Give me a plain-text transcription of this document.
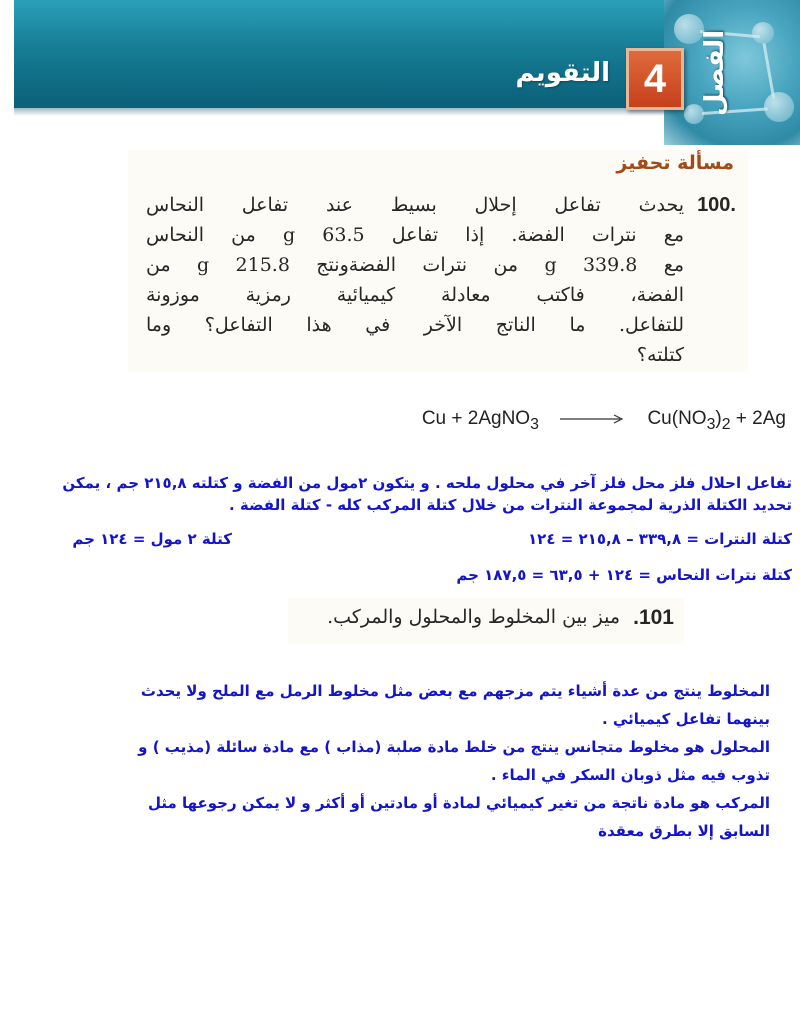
الفصل
4
التقويم
مسألة تحفيز
100.
يحدث تفاعل إحلال بسيط عند تفاعل النحاس
مع نترات الفضة. إذا تفاعل 63.5 g من النحاس
مع 339.8 g من نترات الفضةونتج 215.8 g من
الفضة، فاكتب معادلة كيميائية رمزية موزونة
للتفاعل. ما الناتج الآخر في هذا التفاعل؟ وما
كتلته؟
Cu + 2AgNO$_3$ → $Cu(NO_3)_2 + 2Ag$
تفاعل احلال فلز محل فلز آخر في محلول ملحه . و يتكون ٢مول من الفضة و كتلته ٢١٥,٨ جم ، يمكن
تحديد الكتلة الذرية لمجموعة النترات من خلال كتلة المركب كله - كتلة الفضة .
كتلة النترات = ٣٣٩,٨ – ٢١٥,٨ = ١٢٤
كتلة ٢ مول = ١٢٤ جم
كتلة نترات النحاس = ١٢٤ + ٦٣,٥ = ١٨٧,٥ جم
101.
ميز بين المخلوط والمحلول والمركب.
المخلوط ينتج من عدة أشياء يتم مزجهم مع بعض مثل مخلوط الرمل مع الملح ولا يحدث
بينهما تفاعل كيميائي .
المحلول هو مخلوط متجانس ينتج من خلط مادة صلبة (مذاب ) مع مادة سائلة (مذيب ) و
تذوب فيه مثل ذوبان السكر في الماء .
المركب هو مادة ناتجة من تغير كيميائي لمادة أو مادتين أو أكثر و لا يمكن رجوعها مثل
السابق إلا بطرق معقدة
